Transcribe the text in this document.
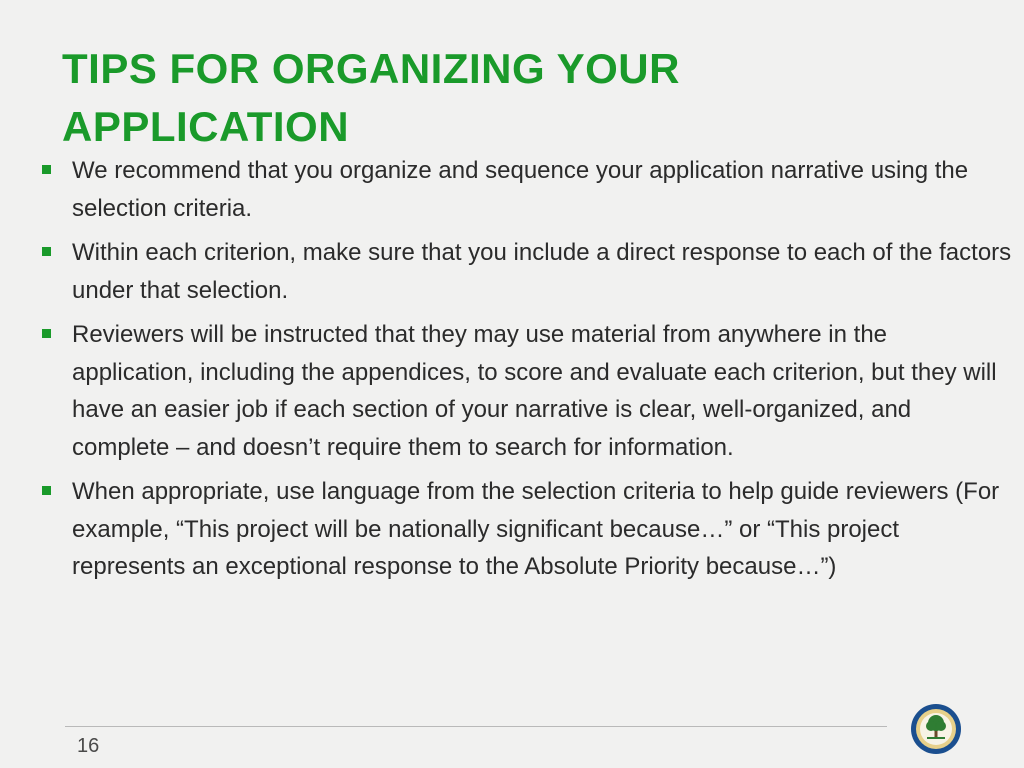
TIPS FOR ORGANIZING YOUR
APPLICATION
We recommend that you organize and sequence your application narrative using the selection criteria.
Within each criterion, make sure that you include a direct response to each of the factors under that selection.
Reviewers will be instructed that they may use material from anywhere in the application, including the appendices, to score and evaluate each criterion, but they will have an easier job if each section of your narrative is clear, well-organized, and complete – and doesn’t require them to search for information.
When appropriate, use language from the selection criteria to help guide reviewers (For example, “This project will be nationally significant because…” or “This project represents an exceptional response to the Absolute Priority because…”)
16
